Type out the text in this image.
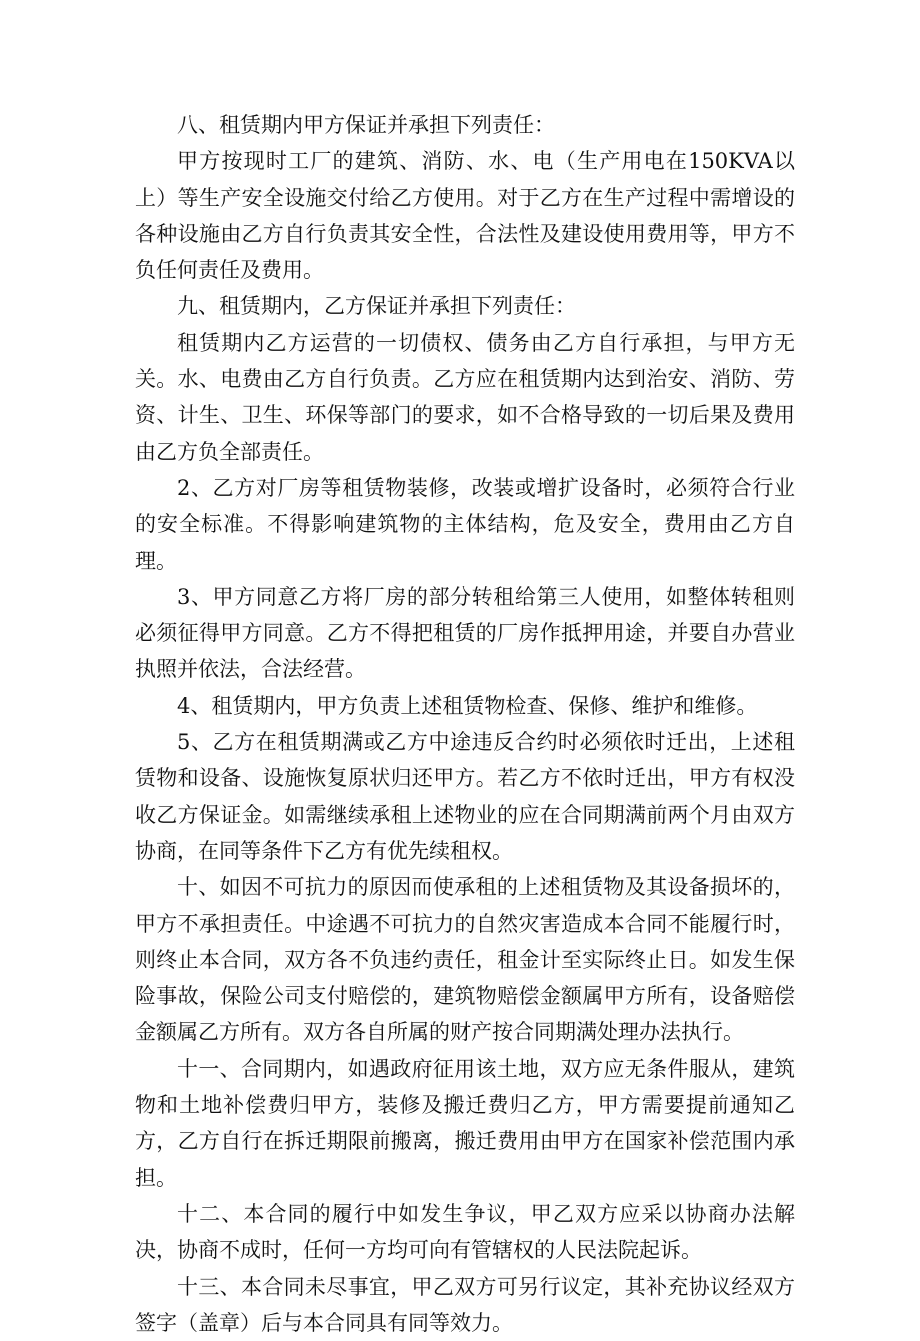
八、租赁期内甲方保证并承担下列责任：

甲方按现时工厂的建筑、消防、水、电（生产用电在150KVA以上）等生产安全设施交付给乙方使用。对于乙方在生产过程中需增设的各种设施由乙方自行负责其安全性，合法性及建设使用费用等，甲方不负任何责任及费用。

九、租赁期内，乙方保证并承担下列责任：

租赁期内乙方运营的一切债权、债务由乙方自行承担，与甲方无关。水、电费由乙方自行负责。乙方应在租赁期内达到治安、消防、劳资、计生、卫生、环保等部门的要求，如不合格导致的一切后果及费用由乙方负全部责任。

2、乙方对厂房等租赁物装修，改装或增扩设备时，必须符合行业的安全标准。不得影响建筑物的主体结构，危及安全，费用由乙方自理。

3、甲方同意乙方将厂房的部分转租给第三人使用，如整体转租则必须征得甲方同意。乙方不得把租赁的厂房作抵押用途，并要自办营业执照并依法，合法经营。

4、租赁期内，甲方负责上述租赁物检查、保修、维护和维修。

5、乙方在租赁期满或乙方中途违反合约时必须依时迁出，上述租赁物和设备、设施恢复原状归还甲方。若乙方不依时迁出，甲方有权没收乙方保证金。如需继续承租上述物业的应在合同期满前两个月由双方协商，在同等条件下乙方有优先续租权。

十、如因不可抗力的原因而使承租的上述租赁物及其设备损坏的，甲方不承担责任。中途遇不可抗力的自然灾害造成本合同不能履行时，则终止本合同，双方各不负违约责任，租金计至实际终止日。如发生保险事故，保险公司支付赔偿的，建筑物赔偿金额属甲方所有，设备赔偿金额属乙方所有。双方各自所属的财产按合同期满处理办法执行。

十一、合同期内，如遇政府征用该土地，双方应无条件服从，建筑物和土地补偿费归甲方，装修及搬迁费归乙方，甲方需要提前通知乙方，乙方自行在拆迁期限前搬离，搬迁费用由甲方在国家补偿范围内承担。

十二、本合同的履行中如发生争议，甲乙双方应采以协商办法解决，协商不成时，任何一方均可向有管辖权的人民法院起诉。

十三、本合同未尽事宜，甲乙双方可另行议定，其补充协议经双方签字（盖章）后与本合同具有同等效力。
